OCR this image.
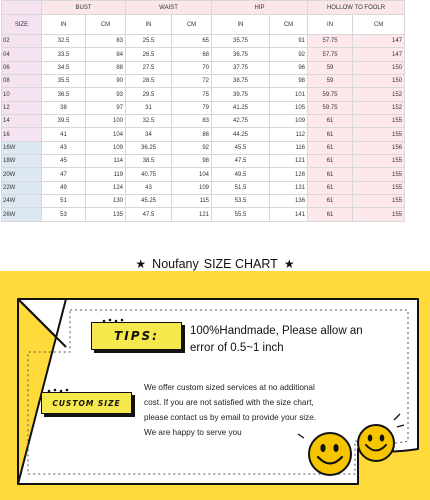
	BUST		WAIST		HIP		HOLLOW TO FOOLR	
SIZE	IN	CM	IN	CM	IN	CM	IN	CM
02	32.5	83	25.5	65	35.75	91	57.75	147
04	33.5	84	26.5	68	36.75	92	57.75	147
06	34.5	88	27.5	70	37.75	96	59	150
08	35.5	90	28.5	72	38.75	98	59	150
10	36.5	93	29.5	75	39.75	101	59.75	152
12	38	97	31	79	41.25	105	59.75	152
14	39.5	100	32.5	83	42.75	109	61	155
16	41	104	34	86	44.25	112	61	155
16W	43	109	36.25	92	45.5	116	61	156
18W	45	114	38.5	98	47.5	121	61	155
20W	47	119	40.75	104	49.5	126	61	155
22W	49	124	43	109	51.5	131	61	155
24W	51	130	45.25	115	53.5	136	61	155
26W	53	135	47.5	121	55.5	141	61	155
★ Noufany SIZE CHART ★
TIPS:	100%Handmade, Please allow an error of 0.5~1 inch
CUSTOM SIZE
We offer custom sized services at no additional
cost. If you are not satisfied with the size chart,
please contact us by email to provide your size.
We are happy to serve you
